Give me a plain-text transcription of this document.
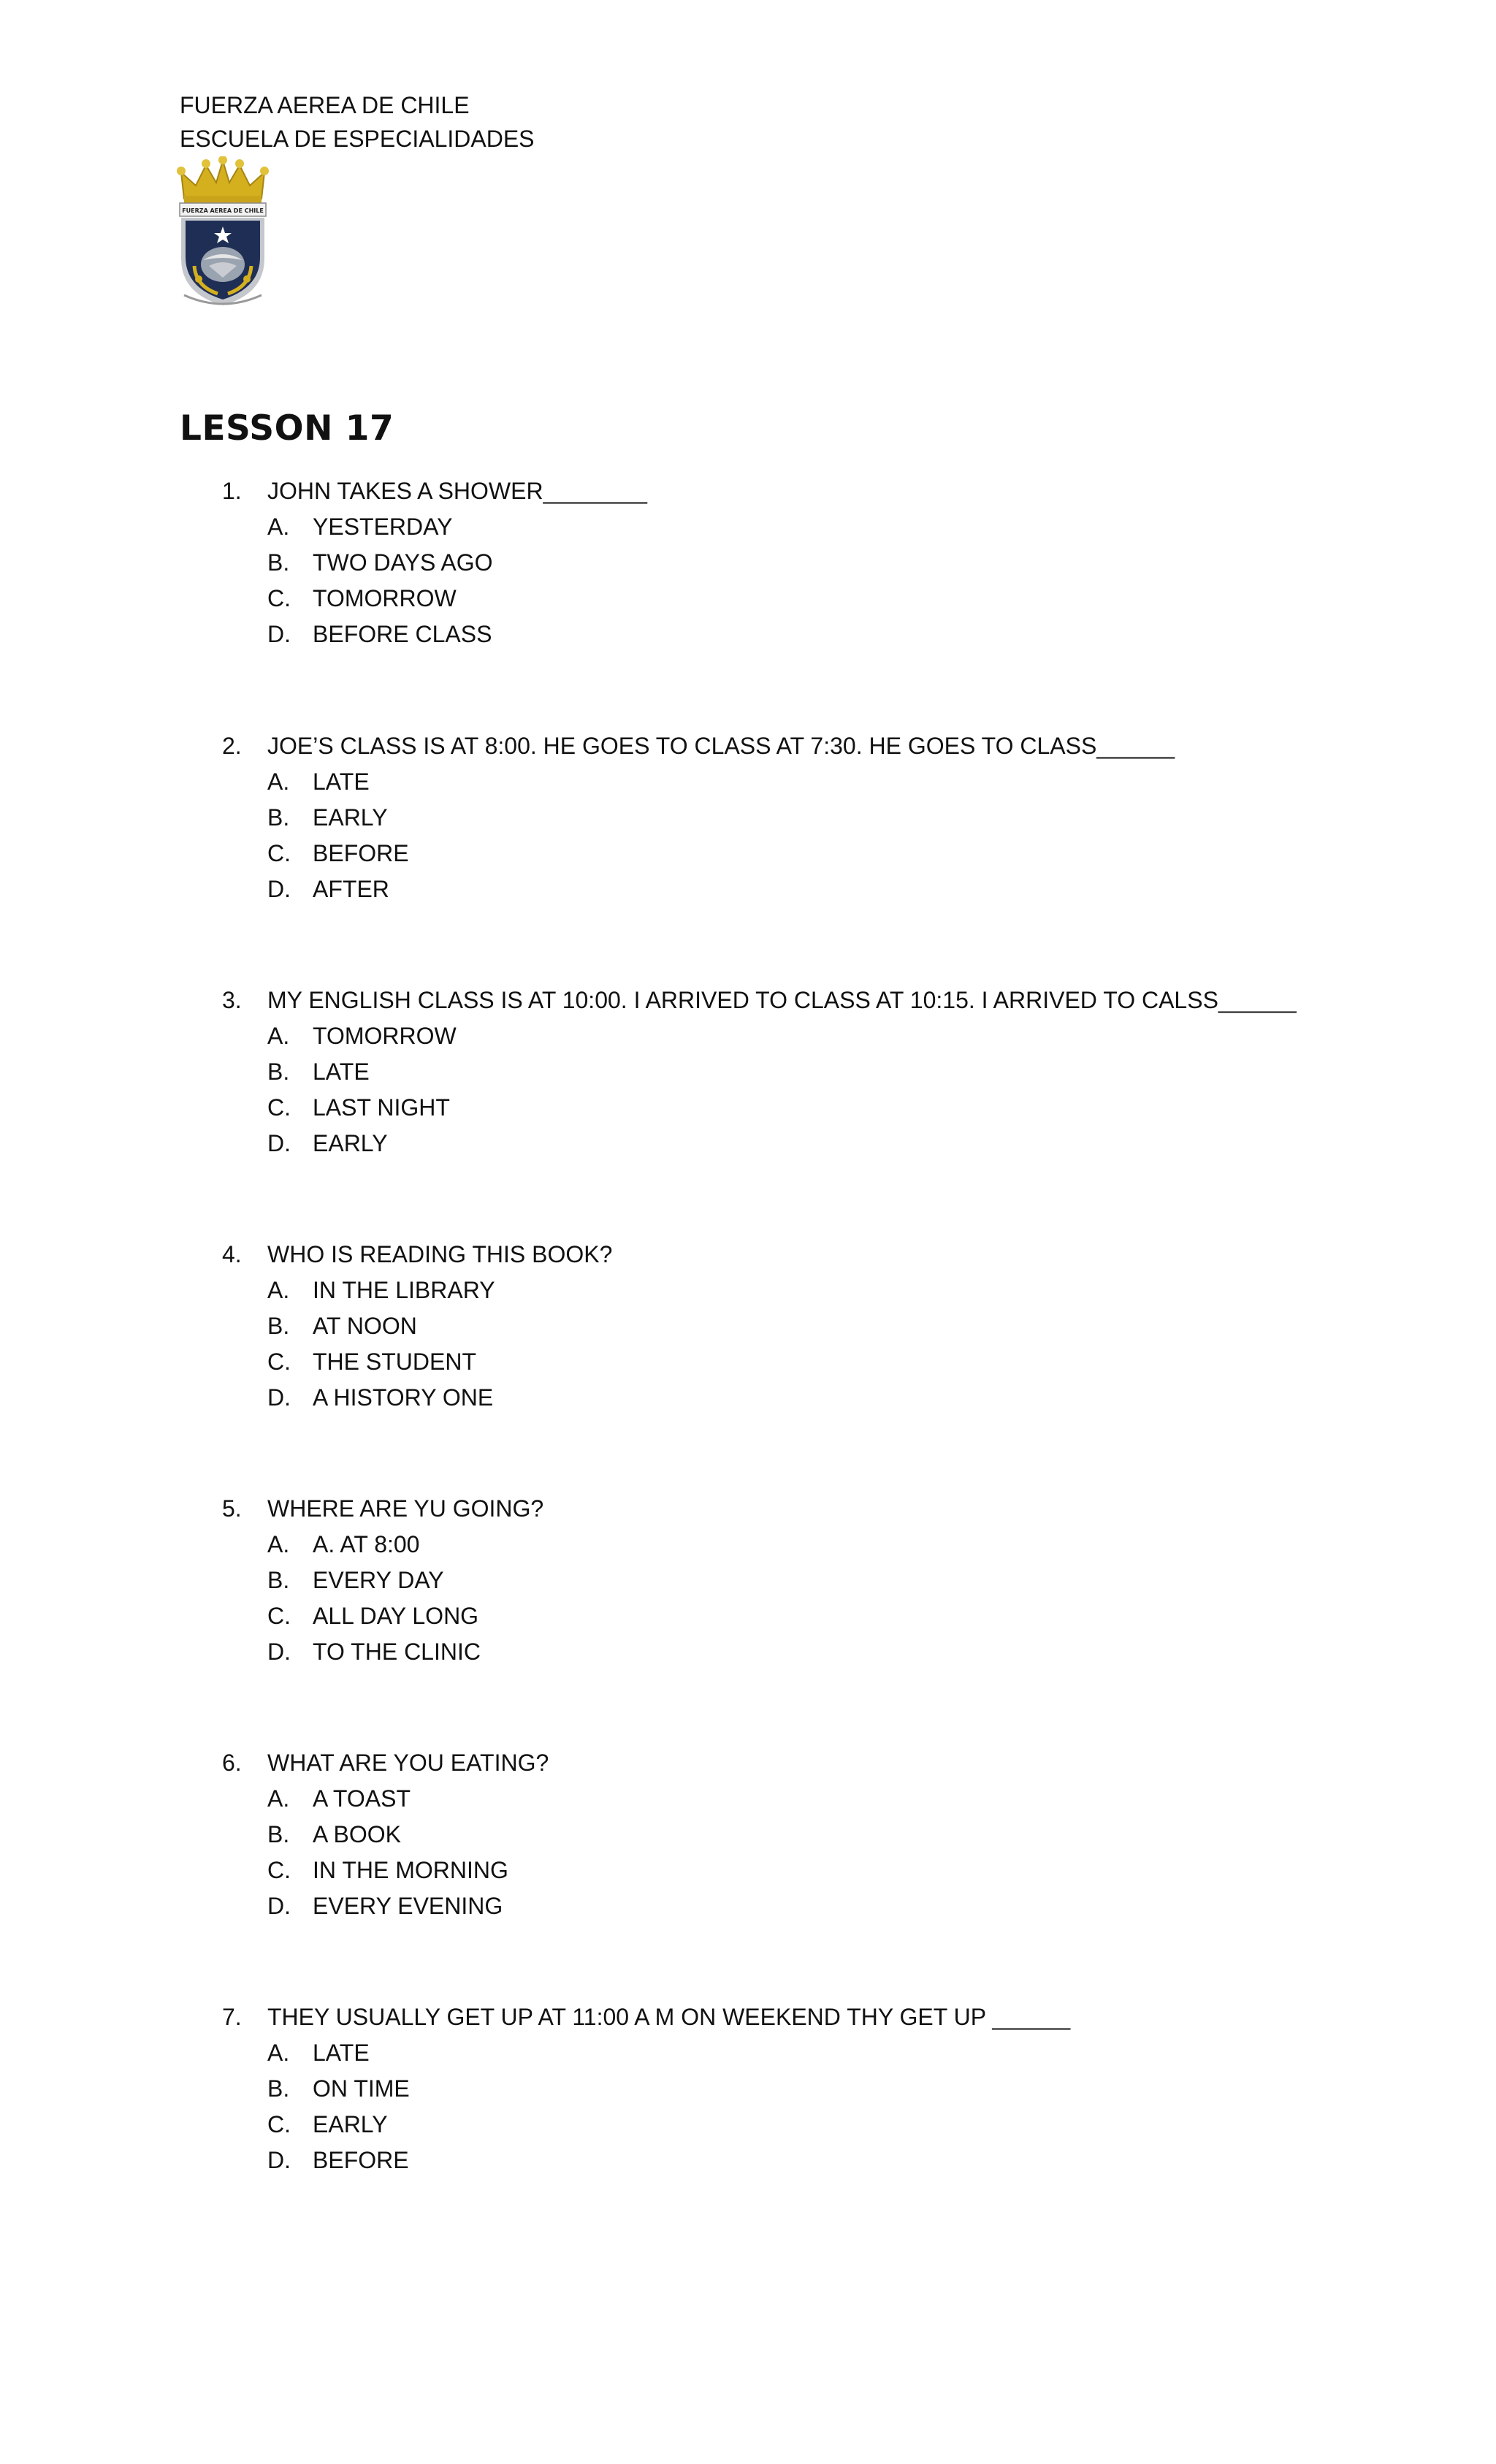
FUERZA AEREA DE CHILE
ESCUELA DE ESPECIALIDADES
FUERZA AEREA DE CHILE
LESSON 17
1. JOHN TAKES A SHOWER________
A. YESTERDAY
B. TWO DAYS AGO
C. TOMORROW
D. BEFORE CLASS
2. JOE’S CLASS IS AT 8:00. HE GOES TO CLASS AT 7:30. HE GOES TO CLASS______
A. LATE
B. EARLY
C. BEFORE
D. AFTER
3. MY ENGLISH CLASS IS AT 10:00. I ARRIVED TO CLASS AT 10:15. I ARRIVED TO CALSS______
A. TOMORROW
B. LATE
C. LAST NIGHT
D. EARLY
4. WHO IS READING THIS BOOK?
A. IN THE LIBRARY
B. AT NOON
C. THE STUDENT
D. A HISTORY ONE
5. WHERE ARE YU GOING?
A. A. AT 8:00
B. EVERY DAY
C. ALL DAY LONG
D. TO THE CLINIC
6. WHAT ARE YOU EATING?
A. A TOAST
B. A BOOK
C. IN THE MORNING
D. EVERY EVENING
7. THEY USUALLY GET UP AT 11:00 A M ON WEEKEND THY GET UP ______
A. LATE
B. ON TIME
C. EARLY
D. BEFORE
